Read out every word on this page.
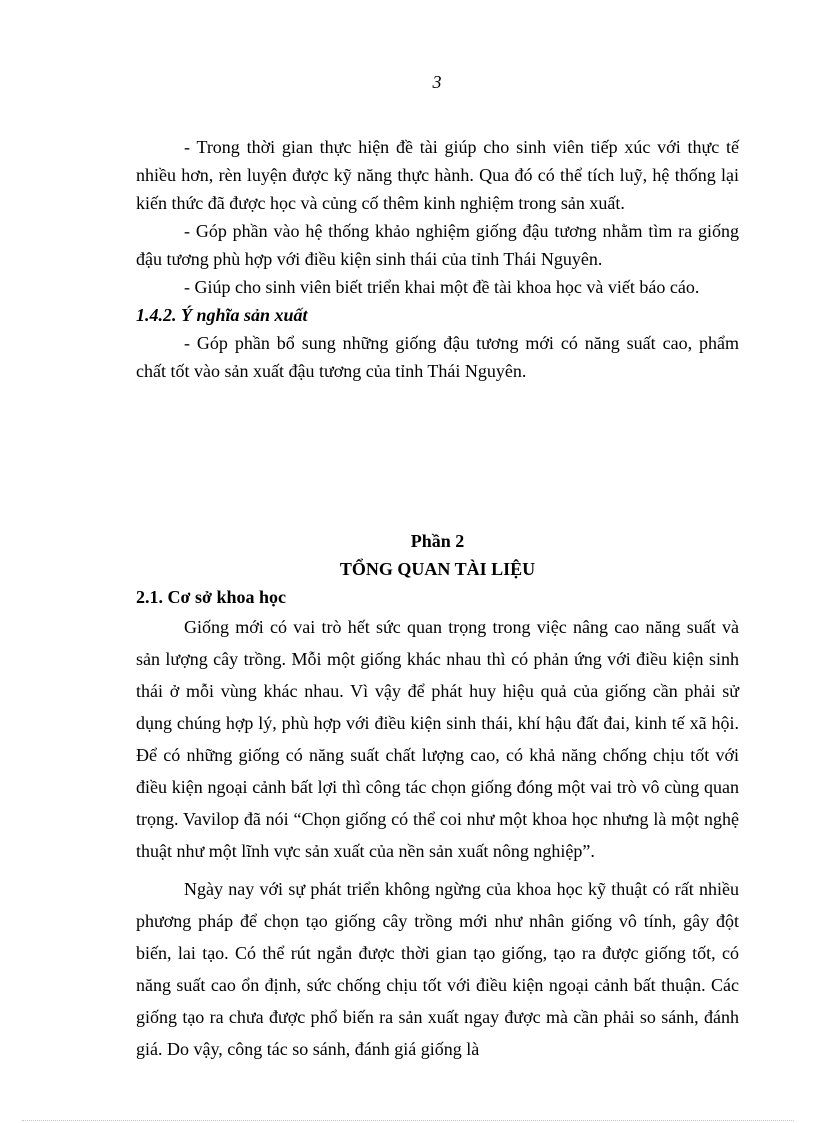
3

- Trong thời gian thực hiện đề tài giúp cho sinh viên tiếp xúc với thực tế nhiều hơn, rèn luyện được kỹ năng thực hành. Qua đó có thể tích luỹ, hệ thống lại kiến thức đã được học và củng cố thêm kinh nghiệm trong sản xuất.

- Góp phần vào hệ thống khảo nghiệm giống đậu tương nhằm tìm ra giống đậu tương phù hợp với điều kiện sinh thái của tỉnh Thái Nguyên.

- Giúp cho sinh viên biết triển khai một đề tài khoa học và viết báo cáo.

1.4.2. Ý nghĩa sản xuất

- Góp phần bổ sung những giống đậu tương mới có năng suất cao, phẩm chất tốt vào sản xuất đậu tương của tỉnh Thái Nguyên.

Phần 2

TỔNG QUAN TÀI LIỆU

2.1. Cơ sở khoa học

Giống mới có vai trò hết sức quan trọng trong việc nâng cao năng suất và sản lượng cây trồng. Mỗi một giống khác nhau thì có phản ứng với điều kiện sinh thái ở mỗi vùng khác nhau. Vì vậy để phát huy hiệu quả của giống cần phải sử dụng chúng hợp lý, phù hợp với điều kiện sinh thái, khí hậu đất đai, kinh tế xã hội. Để có những giống có năng suất chất lượng cao, có khả năng chống chịu tốt với điều kiện ngoại cảnh bất lợi thì công tác chọn giống đóng một vai trò vô cùng quan trọng. Vavilop đã nói “Chọn giống có thể coi như một khoa học nhưng là một nghệ thuật như một lĩnh vực sản xuất của nền sản xuất nông nghiệp”.

Ngày nay với sự phát triển không ngừng của khoa học kỹ thuật có rất nhiều phương pháp để chọn tạo giống cây trồng mới như nhân giống vô tính, gây đột biến, lai tạo. Có thể rút ngắn được thời gian tạo giống, tạo ra được giống tốt, có năng suất cao ổn định, sức chống chịu tốt với điều kiện ngoại cảnh bất thuận. Các giống tạo ra chưa được phổ biến ra sản xuất ngay được mà cần phải so sánh, đánh giá. Do vậy, công tác so sánh, đánh giá giống là
